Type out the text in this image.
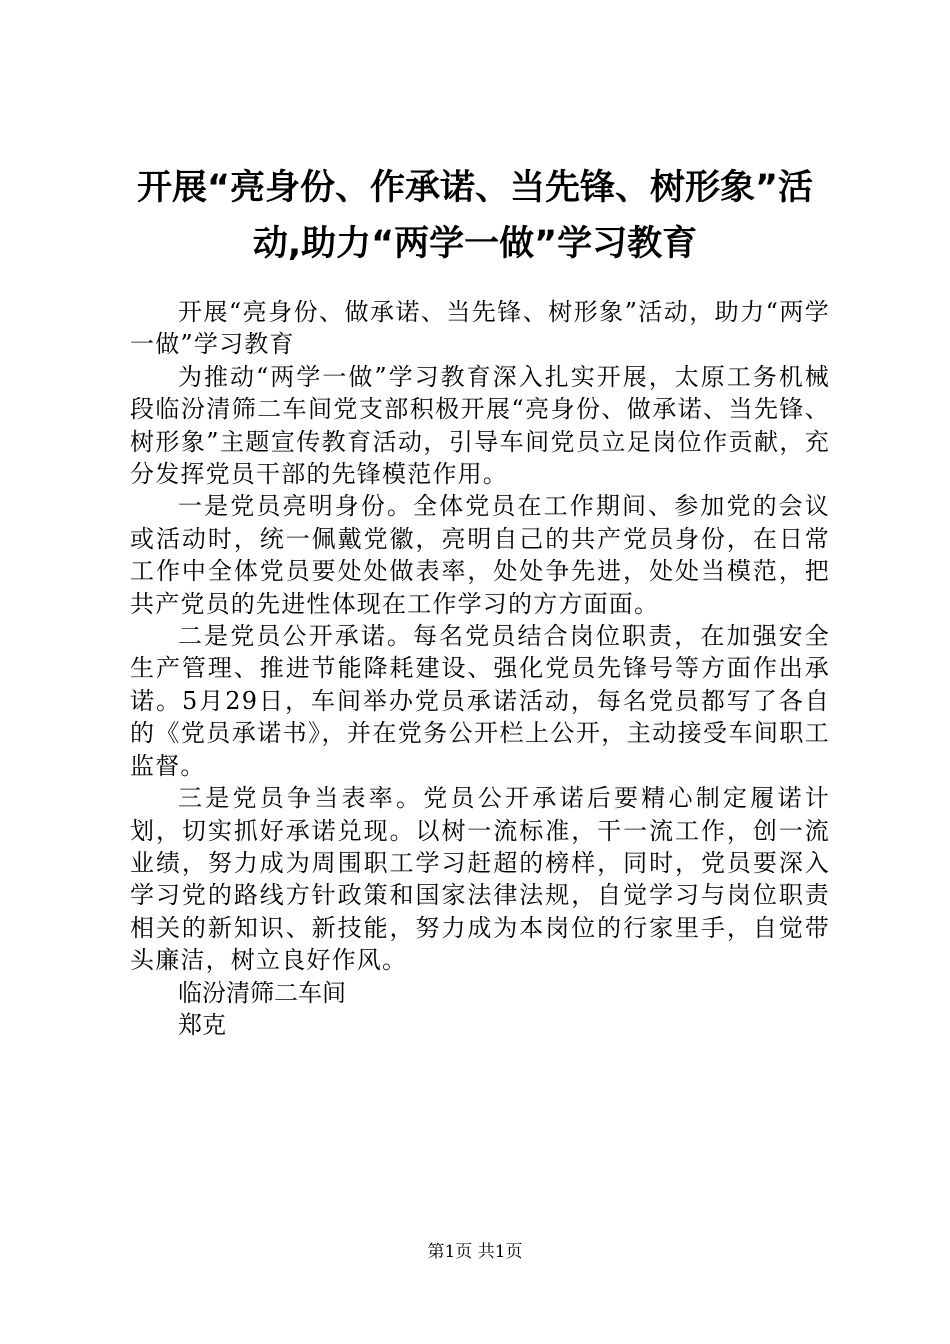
开展“亮身份、作承诺、当先锋、树形象”活动,助力“两学一做”学习教育

开展“亮身份、做承诺、当先锋、树形象”活动，助力“两学一做”学习教育

为推动“两学一做”学习教育深入扎实开展，太原工务机械段临汾清筛二车间党支部积极开展“亮身份、做承诺、当先锋、树形象”主题宣传教育活动，引导车间党员立足岗位作贡献，充分发挥党员干部的先锋模范作用。

一是党员亮明身份。全体党员在工作期间、参加党的会议或活动时，统一佩戴党徽，亮明自己的共产党员身份，在日常工作中全体党员要处处做表率，处处争先进，处处当模范，把共产党员的先进性体现在工作学习的方方面面。

二是党员公开承诺。每名党员结合岗位职责，在加强安全生产管理、推进节能降耗建设、强化党员先锋号等方面作出承诺。5月29日，车间举办党员承诺活动，每名党员都写了各自的《党员承诺书》，并在党务公开栏上公开，主动接受车间职工监督。

三是党员争当表率。党员公开承诺后要精心制定履诺计划，切实抓好承诺兑现。以树一流标准，干一流工作，创一流业绩，努力成为周围职工学习赶超的榜样，同时，党员要深入学习党的路线方针政策和国家法律法规，自觉学习与岗位职责相关的新知识、新技能，努力成为本岗位的行家里手，自觉带头廉洁，树立良好作风。

临汾清筛二车间

郑克

第1页 共1页
